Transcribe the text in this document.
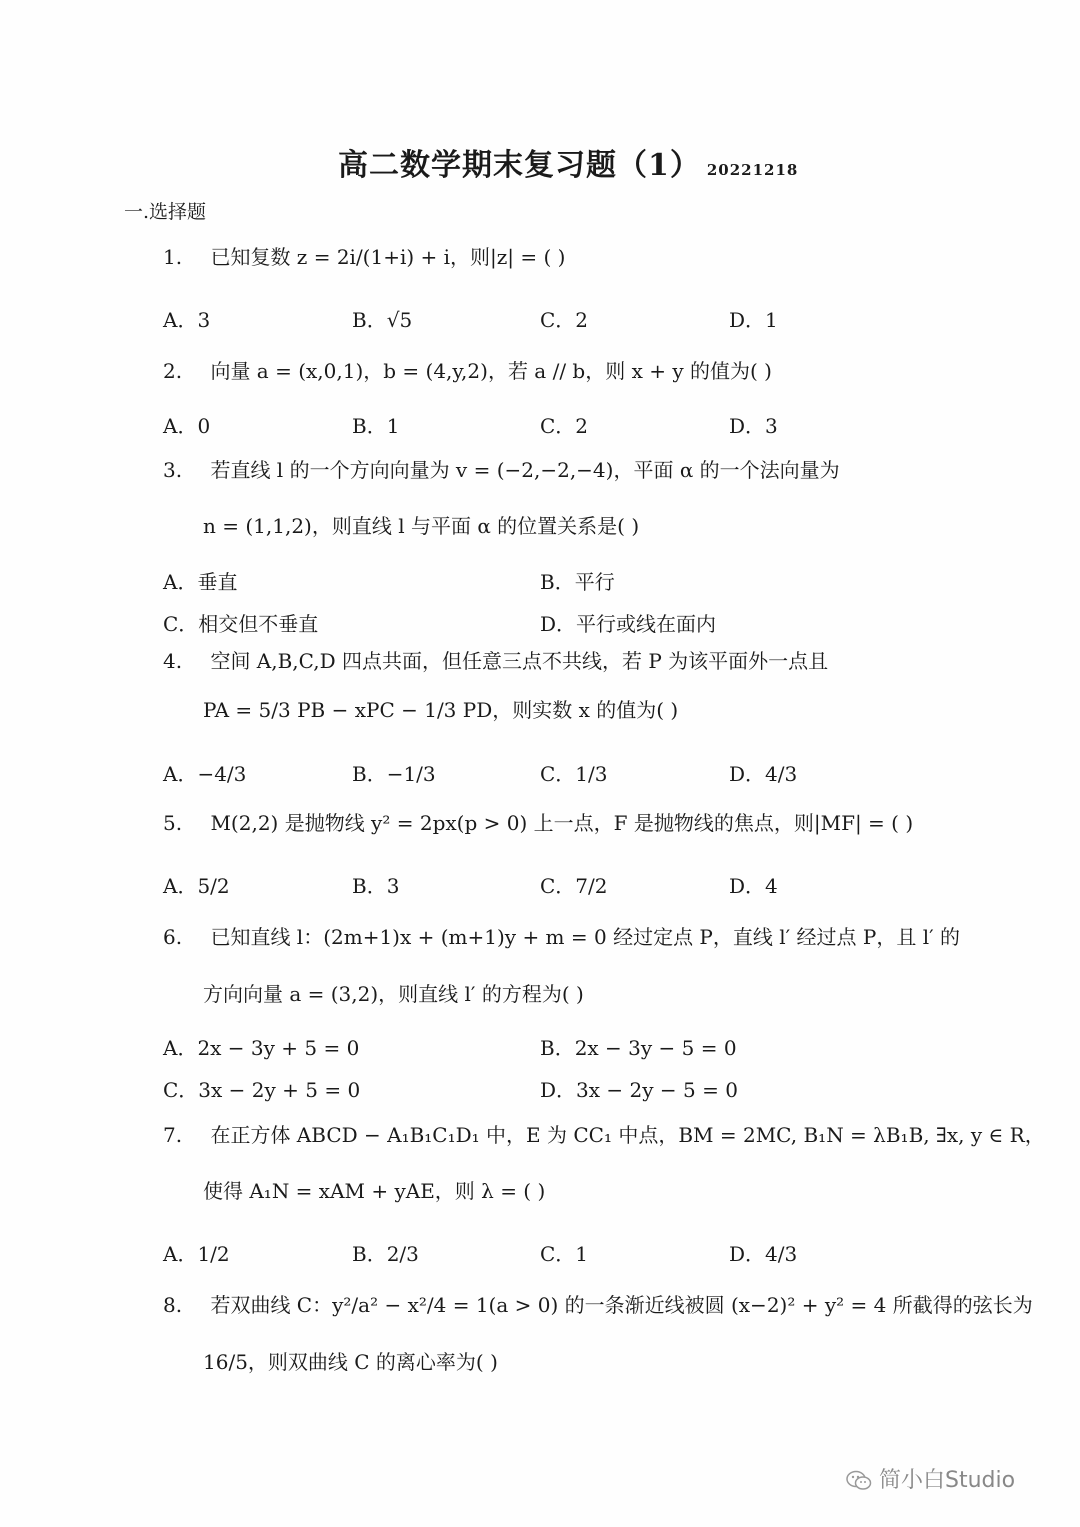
高二数学期末复习题（1） 20221218
一.选择题
1. 已知复数 z = 2i/(1+i) + i，则|z| = ( )
A．3	B．√5	C．2	D．1
2. 向量 a = (x,0,1)，b = (4,y,2)，若 a // b，则 x + y 的值为( )
A．0	B．1	C．2	D．3
3. 若直线 l 的一个方向向量为 v = (−2,−2,−4)，平面 α 的一个法向量为
n = (1,1,2)，则直线 l 与平面 α 的位置关系是( )
A．垂直	B．平行
C．相交但不垂直	D．平行或线在面内
4. 空间 A,B,C,D 四点共面，但任意三点不共线，若 P 为该平面外一点且
PA = 5/3 PB − xPC − 1/3 PD，则实数 x 的值为( )
A．−4/3	B．−1/3	C．1/3	D．4/3
5. M(2,2) 是抛物线 y² = 2px(p > 0) 上一点，F 是抛物线的焦点，则|MF| = ( )
A．5/2	B．3	C．7/2	D．4
6. 已知直线 l：(2m+1)x + (m+1)y + m = 0 经过定点 P，直线 l′ 经过点 P，且 l′ 的
方向向量 a = (3,2)，则直线 l′ 的方程为( )
A．2x − 3y + 5 = 0	B．2x − 3y − 5 = 0
C．3x − 2y + 5 = 0	D．3x − 2y − 5 = 0
7. 在正方体 ABCD − A₁B₁C₁D₁ 中，E 为 CC₁ 中点，BM = 2MC, B₁N = λB₁B, ∃x, y ∈ R，
使得 A₁N = xAM + yAE，则 λ = ( )
A．1/2	B．2/3	C．1	D．4/3
8. 若双曲线 C：y²/a² − x²/4 = 1(a > 0) 的一条渐近线被圆 (x−2)² + y² = 4 所截得的弦长为
16/5，则双曲线 C 的离心率为( )
简小白Studio
